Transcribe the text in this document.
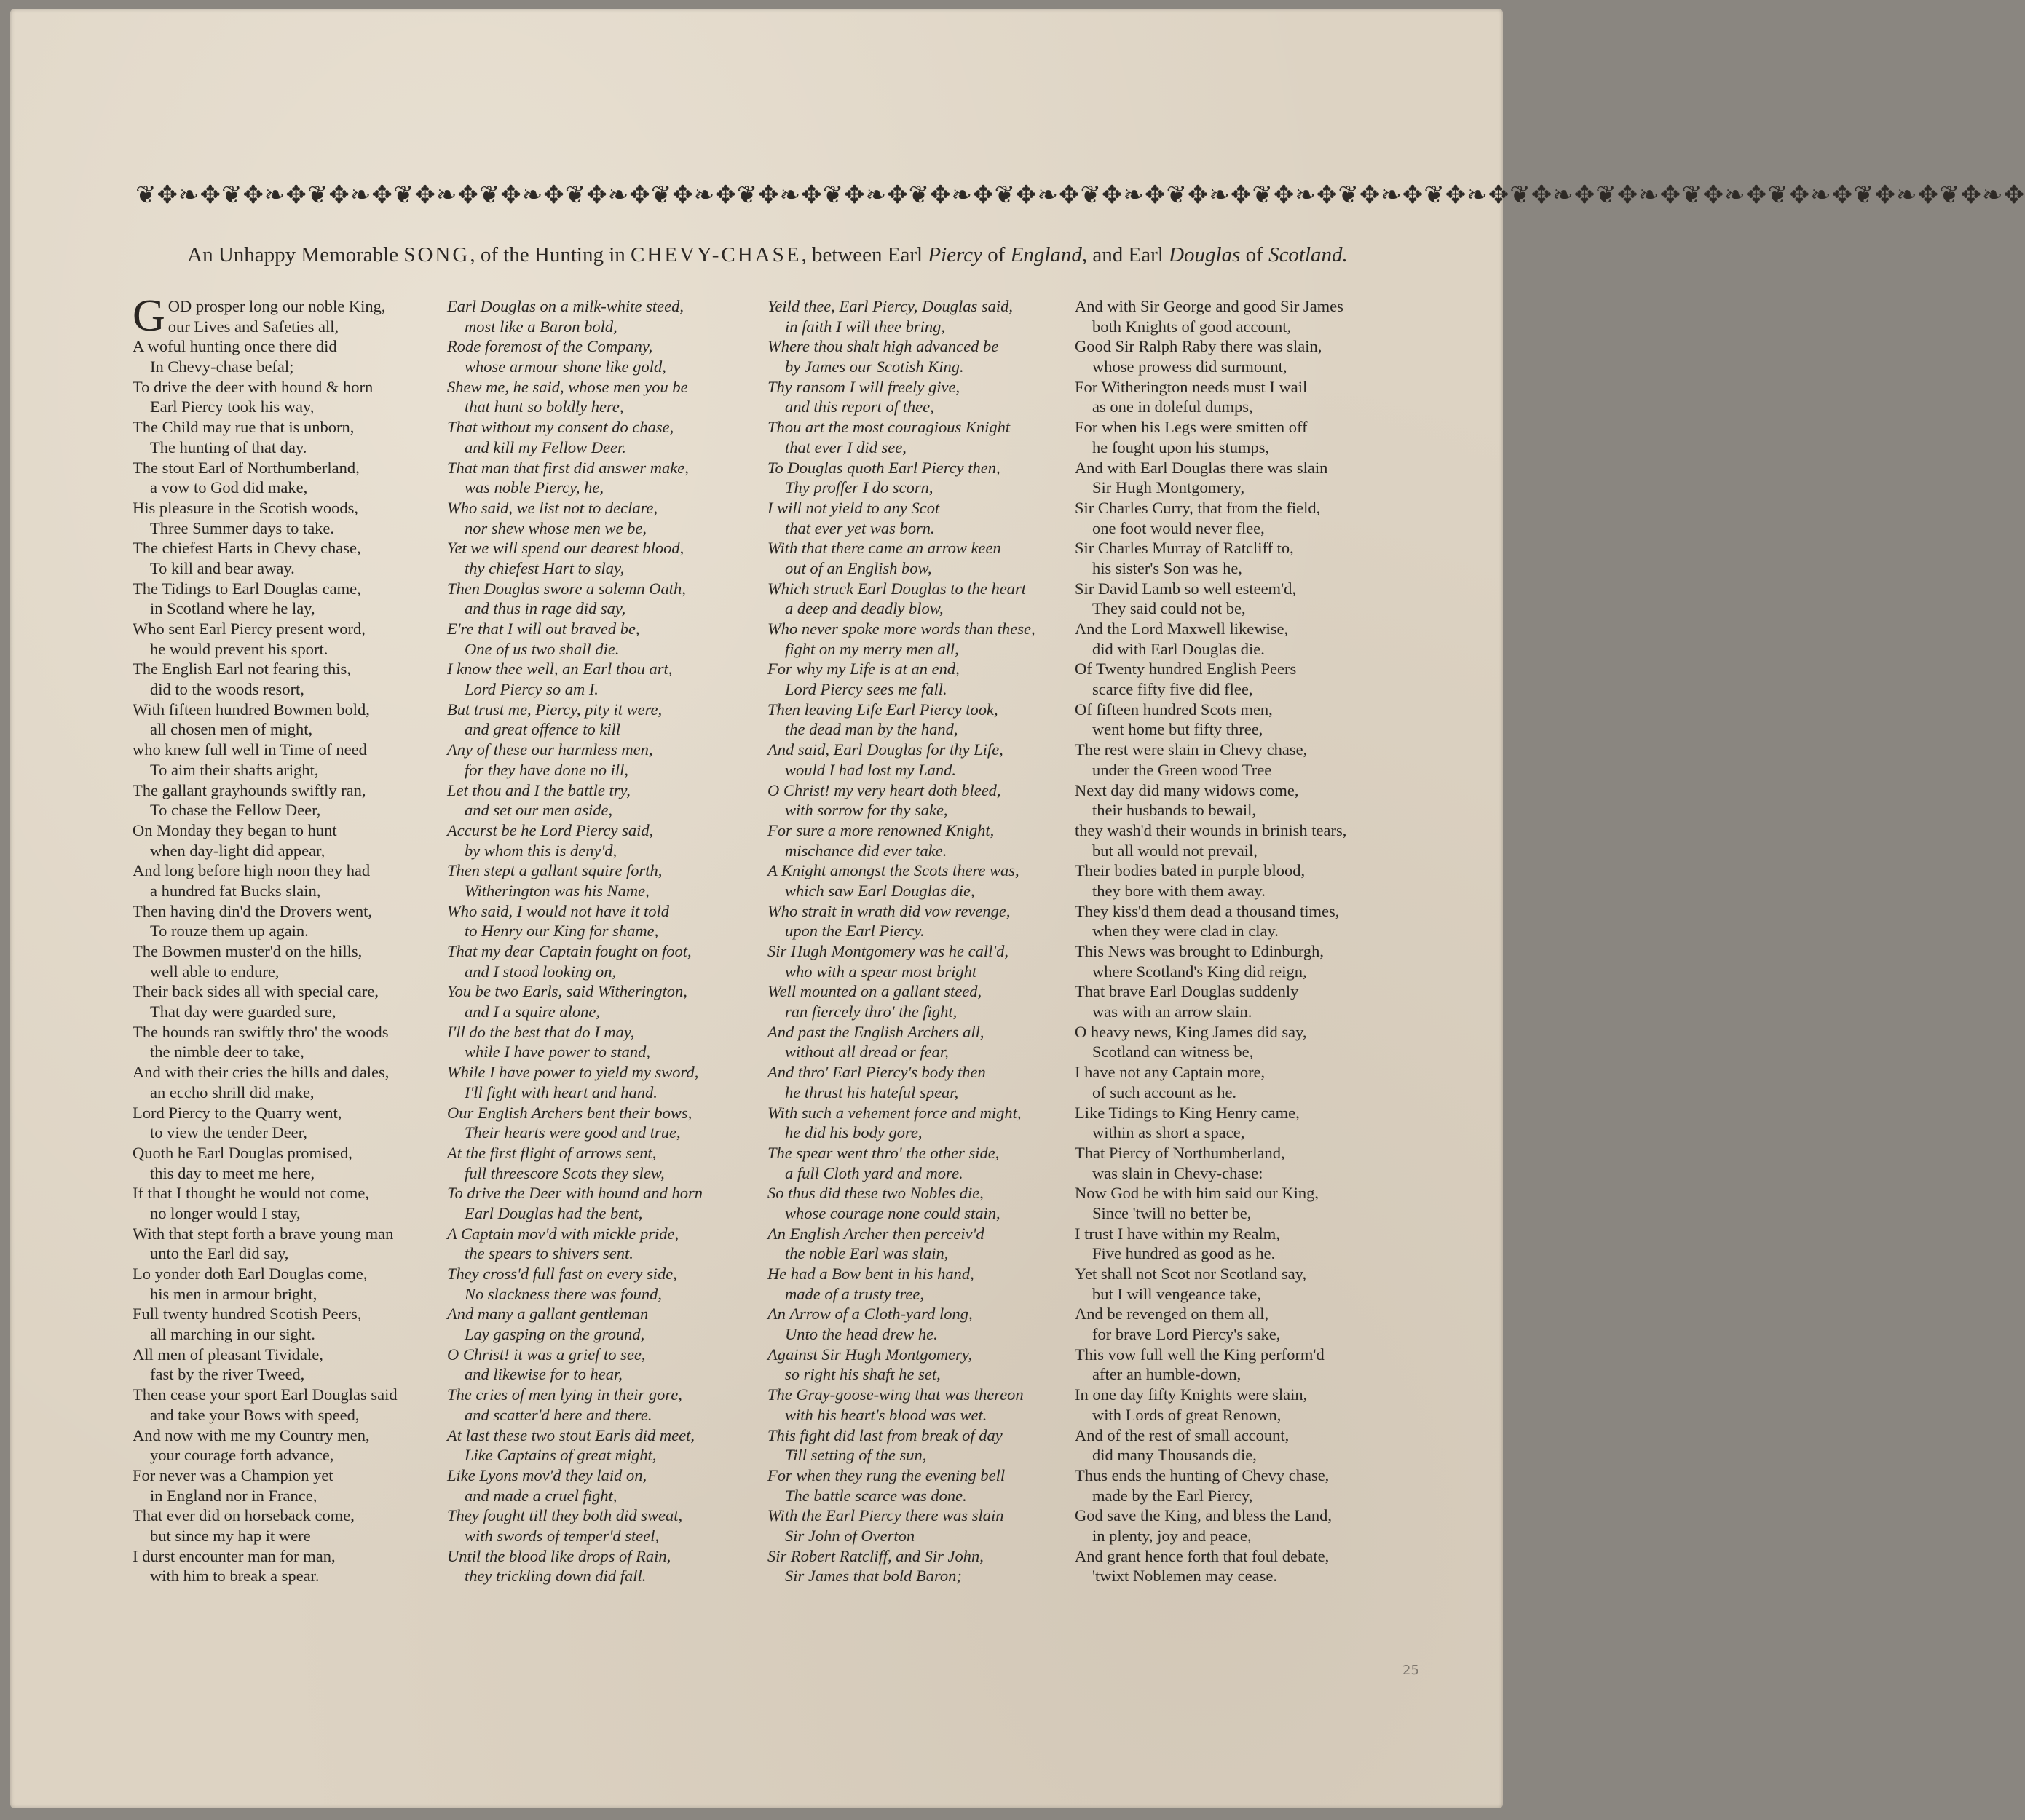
❦✥❧✥❦✥❧✥❦✥❧✥❦✥❧✥❦✥❧✥❦✥❧✥❦✥❧✥❦✥❧✥❦✥❧✥❦✥❧✥❦✥❧✥❦✥❧✥❦✥❧✥❦✥❧✥❦✥❧✥❦✥❧✥❦✥❧✥❦✥❧✥❦✥❧✥❦✥❧✥❦✥❧✥❦✥❧✥
An Unhappy Memorable SONG, of the Hunting in CHEVY-CHASE, between Earl Piercy of England, and Earl Douglas of Scotland.
G OD prosper long our noble King,
our Lives and Safeties all,
A woful hunting once there did
In Chevy-chase befal;
To drive the deer with hound & horn
Earl Piercy took his way,
The Child may rue that is unborn,
The hunting of that day.
The stout Earl of Northumberland,
a vow to God did make,
His pleasure in the Scotish woods,
Three Summer days to take.
The chiefest Harts in Chevy chase,
To kill and bear away.
The Tidings to Earl Douglas came,
in Scotland where he lay,
Who sent Earl Piercy present word,
he would prevent his sport.
The English Earl not fearing this,
did to the woods resort,
With fifteen hundred Bowmen bold,
all chosen men of might,
who knew full well in Time of need
To aim their shafts aright,
The gallant grayhounds swiftly ran,
To chase the Fellow Deer,
On Monday they began to hunt
when day-light did appear,
And long before high noon they had
a hundred fat Bucks slain,
Then having din'd the Drovers went,
To rouze them up again.
The Bowmen muster'd on the hills,
well able to endure,
Their back sides all with special care,
That day were guarded sure,
The hounds ran swiftly thro' the woods
the nimble deer to take,
And with their cries the hills and dales,
an eccho shrill did make,
Lord Piercy to the Quarry went,
to view the tender Deer,
Quoth he Earl Douglas promised,
this day to meet me here,
If that I thought he would not come,
no longer would I stay,
With that stept forth a brave young man
unto the Earl did say,
Lo yonder doth Earl Douglas come,
his men in armour bright,
Full twenty hundred Scotish Peers,
all marching in our sight.
All men of pleasant Tividale,
fast by the river Tweed,
Then cease your sport Earl Douglas said
and take your Bows with speed,
And now with me my Country men,
your courage forth advance,
For never was a Champion yet
in England nor in France,
That ever did on horseback come,
but since my hap it were
I durst encounter man for man,
with him to break a spear.
Earl Douglas on a milk-white steed,
most like a Baron bold,
Rode foremost of the Company,
whose armour shone like gold,
Shew me, he said, whose men you be
that hunt so boldly here,
That without my consent do chase,
and kill my Fellow Deer.
That man that first did answer make,
was noble Piercy, he,
Who said, we list not to declare,
nor shew whose men we be,
Yet we will spend our dearest blood,
thy chiefest Hart to slay,
Then Douglas swore a solemn Oath,
and thus in rage did say,
E're that I will out braved be,
One of us two shall die.
I know thee well, an Earl thou art,
Lord Piercy so am I.
But trust me, Piercy, pity it were,
and great offence to kill
Any of these our harmless men,
for they have done no ill,
Let thou and I the battle try,
and set our men aside,
Accurst be he Lord Piercy said,
by whom this is deny'd,
Then stept a gallant squire forth,
Witherington was his Name,
Who said, I would not have it told
to Henry our King for shame,
That my dear Captain fought on foot,
and I stood looking on,
You be two Earls, said Witherington,
and I a squire alone,
I'll do the best that do I may,
while I have power to stand,
While I have power to yield my sword,
I'll fight with heart and hand.
Our English Archers bent their bows,
Their hearts were good and true,
At the first flight of arrows sent,
full threescore Scots they slew,
To drive the Deer with hound and horn
Earl Douglas had the bent,
A Captain mov'd with mickle pride,
the spears to shivers sent.
They cross'd full fast on every side,
No slackness there was found,
And many a gallant gentleman
Lay gasping on the ground,
O Christ! it was a grief to see,
and likewise for to hear,
The cries of men lying in their gore,
and scatter'd here and there.
At last these two stout Earls did meet,
Like Captains of great might,
Like Lyons mov'd they laid on,
and made a cruel fight,
They fought till they both did sweat,
with swords of temper'd steel,
Until the blood like drops of Rain,
they trickling down did fall.
Yeild thee, Earl Piercy, Douglas said,
in faith I will thee bring,
Where thou shalt high advanced be
by James our Scotish King.
Thy ransom I will freely give,
and this report of thee,
Thou art the most couragious Knight
that ever I did see,
To Douglas quoth Earl Piercy then,
Thy proffer I do scorn,
I will not yield to any Scot
that ever yet was born.
With that there came an arrow keen
out of an English bow,
Which struck Earl Douglas to the heart
a deep and deadly blow,
Who never spoke more words than these,
fight on my merry men all,
For why my Life is at an end,
Lord Piercy sees me fall.
Then leaving Life Earl Piercy took,
the dead man by the hand,
And said, Earl Douglas for thy Life,
would I had lost my Land.
O Christ! my very heart doth bleed,
with sorrow for thy sake,
For sure a more renowned Knight,
mischance did ever take.
A Knight amongst the Scots there was,
which saw Earl Douglas die,
Who strait in wrath did vow revenge,
upon the Earl Piercy.
Sir Hugh Montgomery was he call'd,
who with a spear most bright
Well mounted on a gallant steed,
ran fiercely thro' the fight,
And past the English Archers all,
without all dread or fear,
And thro' Earl Piercy's body then
he thrust his hateful spear,
With such a vehement force and might,
he did his body gore,
The spear went thro' the other side,
a full Cloth yard and more.
So thus did these two Nobles die,
whose courage none could stain,
An English Archer then perceiv'd
the noble Earl was slain,
He had a Bow bent in his hand,
made of a trusty tree,
An Arrow of a Cloth-yard long,
Unto the head drew he.
Against Sir Hugh Montgomery,
so right his shaft he set,
The Gray-goose-wing that was thereon
with his heart's blood was wet.
This fight did last from break of day
Till setting of the sun,
For when they rung the evening bell
The battle scarce was done.
With the Earl Piercy there was slain
Sir John of Overton
Sir Robert Ratcliff, and Sir John,
Sir James that bold Baron;
And with Sir George and good Sir James
both Knights of good account,
Good Sir Ralph Raby there was slain,
whose prowess did surmount,
For Witherington needs must I wail
as one in doleful dumps,
For when his Legs were smitten off
he fought upon his stumps,
And with Earl Douglas there was slain
Sir Hugh Montgomery,
Sir Charles Curry, that from the field,
one foot would never flee,
Sir Charles Murray of Ratcliff to,
his sister's Son was he,
Sir David Lamb so well esteem'd,
They said could not be,
And the Lord Maxwell likewise,
did with Earl Douglas die.
Of Twenty hundred English Peers
scarce fifty five did flee,
Of fifteen hundred Scots men,
went home but fifty three,
The rest were slain in Chevy chase,
under the Green wood Tree
Next day did many widows come,
their husbands to bewail,
they wash'd their wounds in brinish tears,
but all would not prevail,
Their bodies bated in purple blood,
they bore with them away.
They kiss'd them dead a thousand times,
when they were clad in clay.
This News was brought to Edinburgh,
where Scotland's King did reign,
That brave Earl Douglas suddenly
was with an arrow slain.
O heavy news, King James did say,
Scotland can witness be,
I have not any Captain more,
of such account as he.
Like Tidings to King Henry came,
within as short a space,
That Piercy of Northumberland,
was slain in Chevy-chase:
Now God be with him said our King,
Since 'twill no better be,
I trust I have within my Realm,
Five hundred as good as he.
Yet shall not Scot nor Scotland say,
but I will vengeance take,
And be revenged on them all,
for brave Lord Piercy's sake,
This vow full well the King perform'd
after an humble-down,
In one day fifty Knights were slain,
with Lords of great Renown,
And of the rest of small account,
did many Thousands die,
Thus ends the hunting of Chevy chase,
made by the Earl Piercy,
God save the King, and bless the Land,
in plenty, joy and peace,
And grant hence forth that foul debate,
'twixt Noblemen may cease.
25
